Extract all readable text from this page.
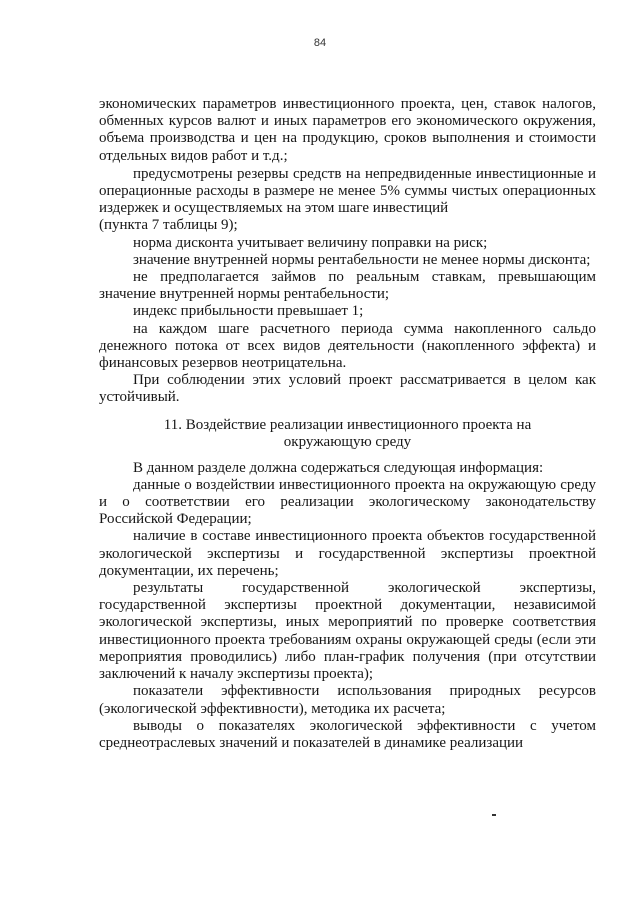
84

экономических параметров инвестиционного проекта, цен, ставок налогов, обменных курсов валют и иных параметров его экономического окружения, объема производства и цен на продукцию, сроков выполнения и стоимости отдельных видов работ и т.д.;

предусмотрены резервы средств на непредвиденные инвестиционные и операционные расходы в размере не менее 5% суммы чистых операционных издержек и осуществляемых на этом шаге инвестиций

(пункта 7 таблицы 9);

норма дисконта учитывает величину поправки на риск;

значение внутренней нормы рентабельности не менее нормы дисконта;

не предполагается займов по реальным ставкам, превышающим значение внутренней нормы рентабельности;

индекс прибыльности превышает 1;

на каждом шаге расчетного периода сумма накопленного сальдо денежного потока от всех видов деятельности (накопленного эффекта) и финансовых резервов неотрицательна.

При соблюдении этих условий проект рассматривается в целом как устойчивый.

11. Воздействие реализации инвестиционного проекта на
окружающую среду

В данном разделе должна содержаться следующая информация:

данные о воздействии инвестиционного проекта на окружающую среду и о соответствии его реализации экологическому законодательству Российской Федерации;

наличие в составе инвестиционного проекта объектов государственной экологической экспертизы и государственной экспертизы проектной документации, их перечень;

результаты государственной экологической экспертизы, государственной экспертизы проектной документации, независимой экологической экспертизы, иных мероприятий по проверке соответствия инвестиционного проекта требованиям охраны окружающей среды (если эти мероприятия проводились) либо план-график получения (при отсутствии заключений к началу экспертизы проекта);

показатели эффективности использования природных ресурсов (экологической эффективности), методика их расчета;

выводы о показателях экологической эффективности с учетом среднеотраслевых значений и показателей в динамике реализации
